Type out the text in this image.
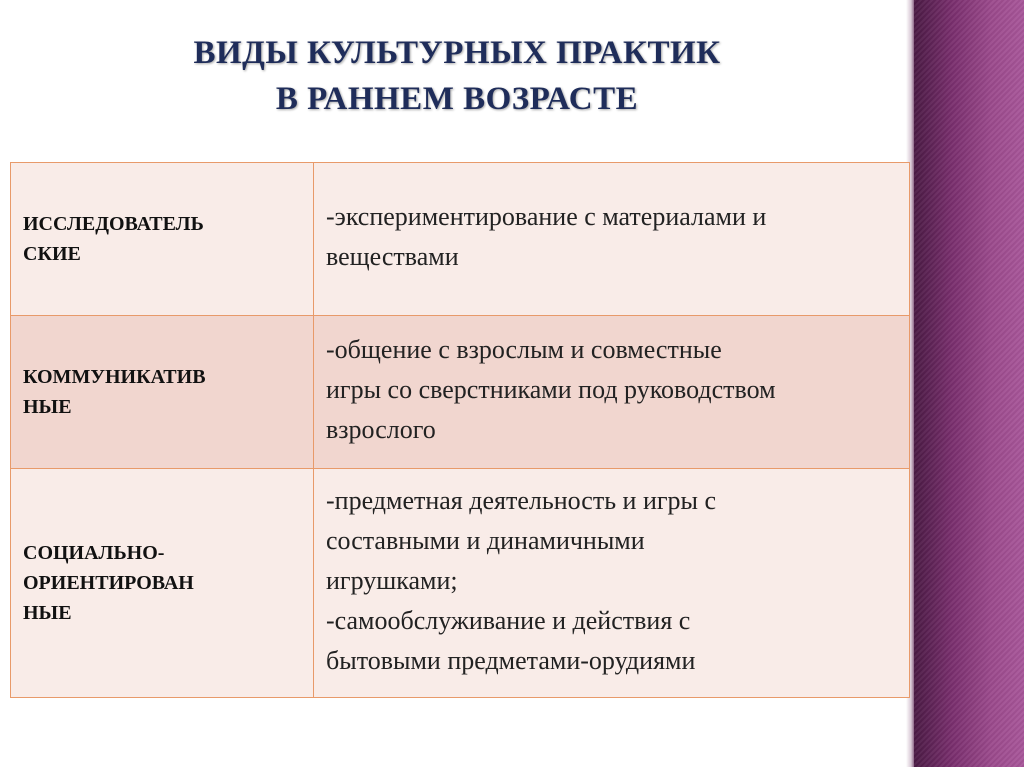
ВИДЫ КУЛЬТУРНЫХ ПРАКТИК
В РАННЕМ ВОЗРАСТЕ
ИССЛЕДОВАТЕЛЬ
СКИЕ	-экспериментирование с материалами и
веществами

КОММУНИКАТИВ
НЫЕ	-общение с взрослым и совместные
игры со сверстниками под руководством
взрослого

СОЦИАЛЬНО-
ОРИЕНТИРОВАН
НЫЕ	-предметная деятельность и игры с
составными и динамичными
игрушками;
-самообслуживание и действия с
бытовыми предметами-орудиями
